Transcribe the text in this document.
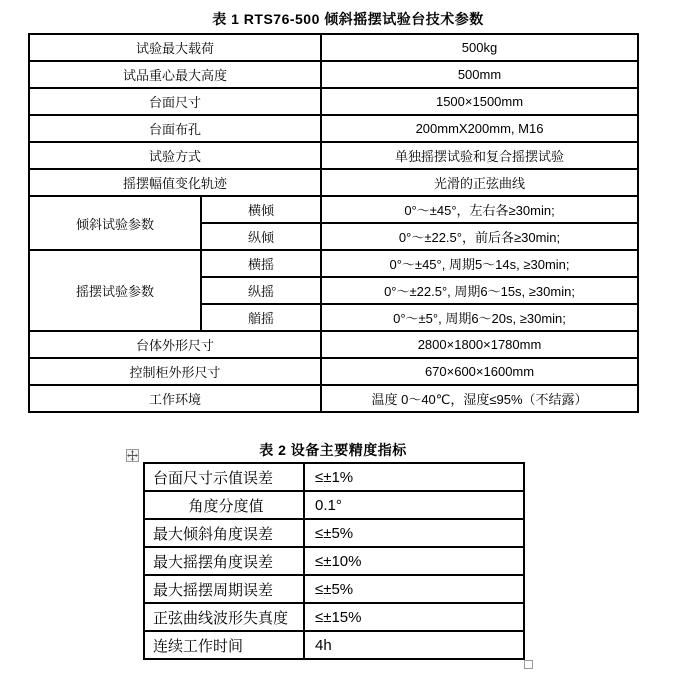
表 1 RTS76-500 倾斜摇摆试验台技术参数
试验最大载荷		500kg
试品重心最大高度		500mm
台面尺寸		1500×1500mm
台面布孔		200mmX200mm, M16
试验方式		单独摇摆试验和复合摇摆试验
摇摆幅值变化轨迹		光滑的正弦曲线
倾斜试验参数	横倾	0°～±45°，左右各≥30min;
	纵倾	0°～±22.5°，前后各≥30min;
摇摆试验参数	横摇	0°～±45°, 周期5～14s, ≥30min;
	纵摇	0°～±22.5°, 周期6～15s, ≥30min;
	艏摇	0°～±5°, 周期6～20s, ≥30min;
台体外形尺寸		2800×1800×1780mm
控制柜外形尺寸		670×600×1600mm
工作环境		温度 0～40℃，湿度≤95%（不结露）
表 2 设备主要精度指标
台面尺寸示值误差	≤±1%
角度分度值	0.1°
最大倾斜角度误差	≤±5%
最大摇摆角度误差	≤±10%
最大摇摆周期误差	≤±5%
正弦曲线波形失真度	≤±15%
连续工作时间	4h
